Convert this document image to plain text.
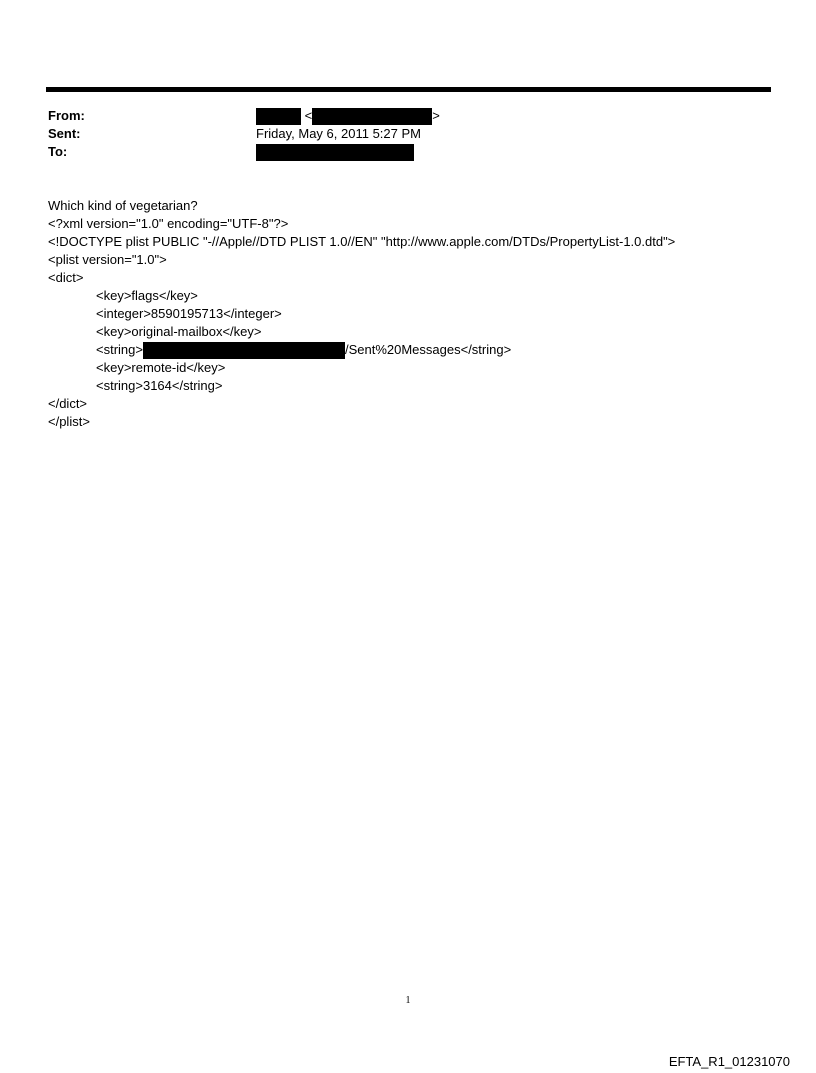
From:	<	>
Sent:	Friday, May 6, 2011 5:27 PM
To:
Which kind of vegetarian?
<?xml version="1.0" encoding="UTF-8"?>
<!DOCTYPE plist PUBLIC "-//Apple//DTD PLIST 1.0//EN" "http://www.apple.com/DTDs/PropertyList-1.0.dtd">
<plist version="1.0">
<dict>
<key>flags</key>
<integer>8590195713</integer>
<key>original-mailbox</key>
<string>	/Sent%20Messages</string>
<key>remote-id</key>
<string>3164</string>
</dict>
</plist>
1
EFTA_R1_01231070
